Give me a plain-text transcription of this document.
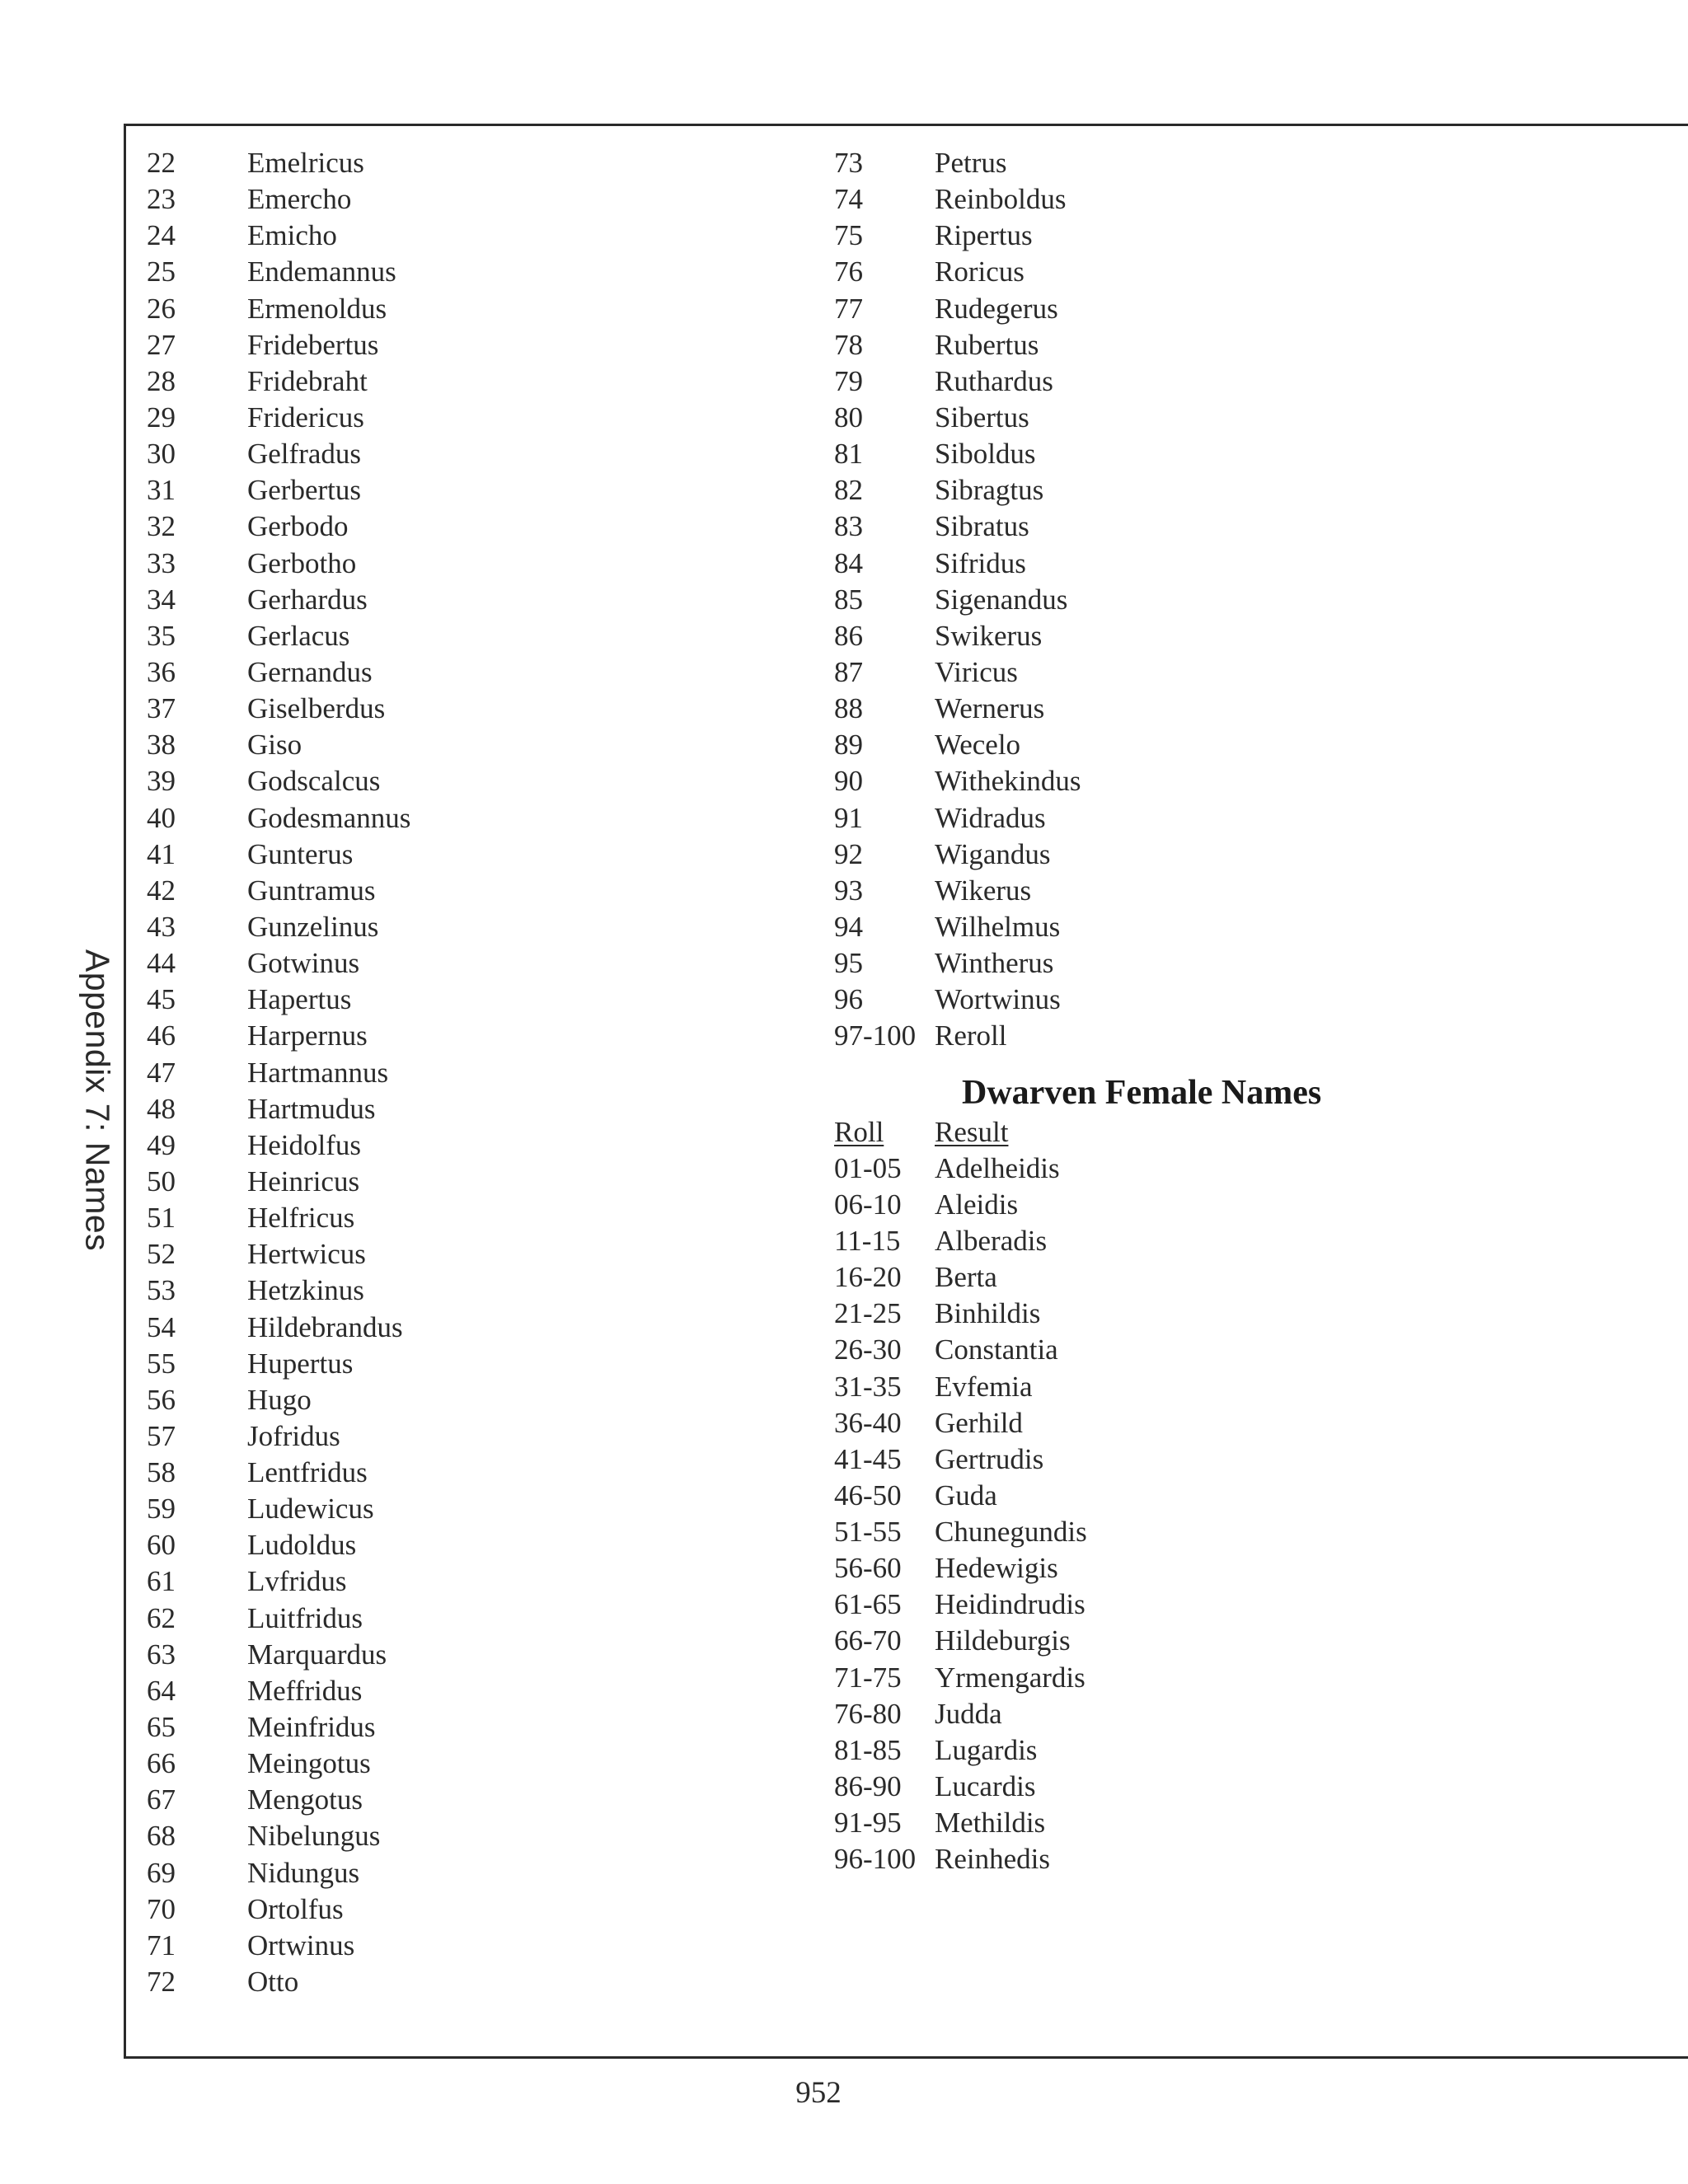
Appendix 7: Names
22	Emelricus
23	Emercho
24	Emicho
25	Endemannus
26	Ermenoldus
27	Fridebertus
28	Fridebraht
29	Fridericus
30	Gelfradus
31	Gerbertus
32	Gerbodo
33	Gerbotho
34	Gerhardus
35	Gerlacus
36	Gernandus
37	Giselberdus
38	Giso
39	Godscalcus
40	Godesmannus
41	Gunterus
42	Guntramus
43	Gunzelinus
44	Gotwinus
45	Hapertus
46	Harpernus
47	Hartmannus
48	Hartmudus
49	Heidolfus
50	Heinricus
51	Helfricus
52	Hertwicus
53	Hetzkinus
54	Hildebrandus
55	Hupertus
56	Hugo
57	Jofridus
58	Lentfridus
59	Ludewicus
60	Ludoldus
61	Lvfridus
62	Luitfridus
63	Marquardus
64	Meffridus
65	Meinfridus
66	Meingotus
67	Mengotus
68	Nibelungus
69	Nidungus
70	Ortolfus
71	Ortwinus
72	Otto
73	Petrus
74	Reinboldus
75	Ripertus
76	Roricus
77	Rudegerus
78	Rubertus
79	Ruthardus
80	Sibertus
81	Siboldus
82	Sibragtus
83	Sibratus
84	Sifridus
85	Sigenandus
86	Swikerus
87	Viricus
88	Wernerus
89	Wecelo
90	Withekindus
91	Widradus
92	Wigandus
93	Wikerus
94	Wilhelmus
95	Wintherus
96	Wortwinus
97-100 Reroll
Dwarven Female Names
Roll	Result
01-05	Adelheidis
06-10	Aleidis
11-15	Alberadis
16-20	Berta
21-25	Binhildis
26-30	Constantia
31-35	Evfemia
36-40	Gerhild
41-45	Gertrudis
46-50	Guda
51-55	Chunegundis
56-60	Hedewigis
61-65	Heidindrudis
66-70	Hildeburgis
71-75	Yrmengardis
76-80	Judda
81-85	Lugardis
86-90	Lucardis
91-95	Methildis
96-100 Reinhedis
952
